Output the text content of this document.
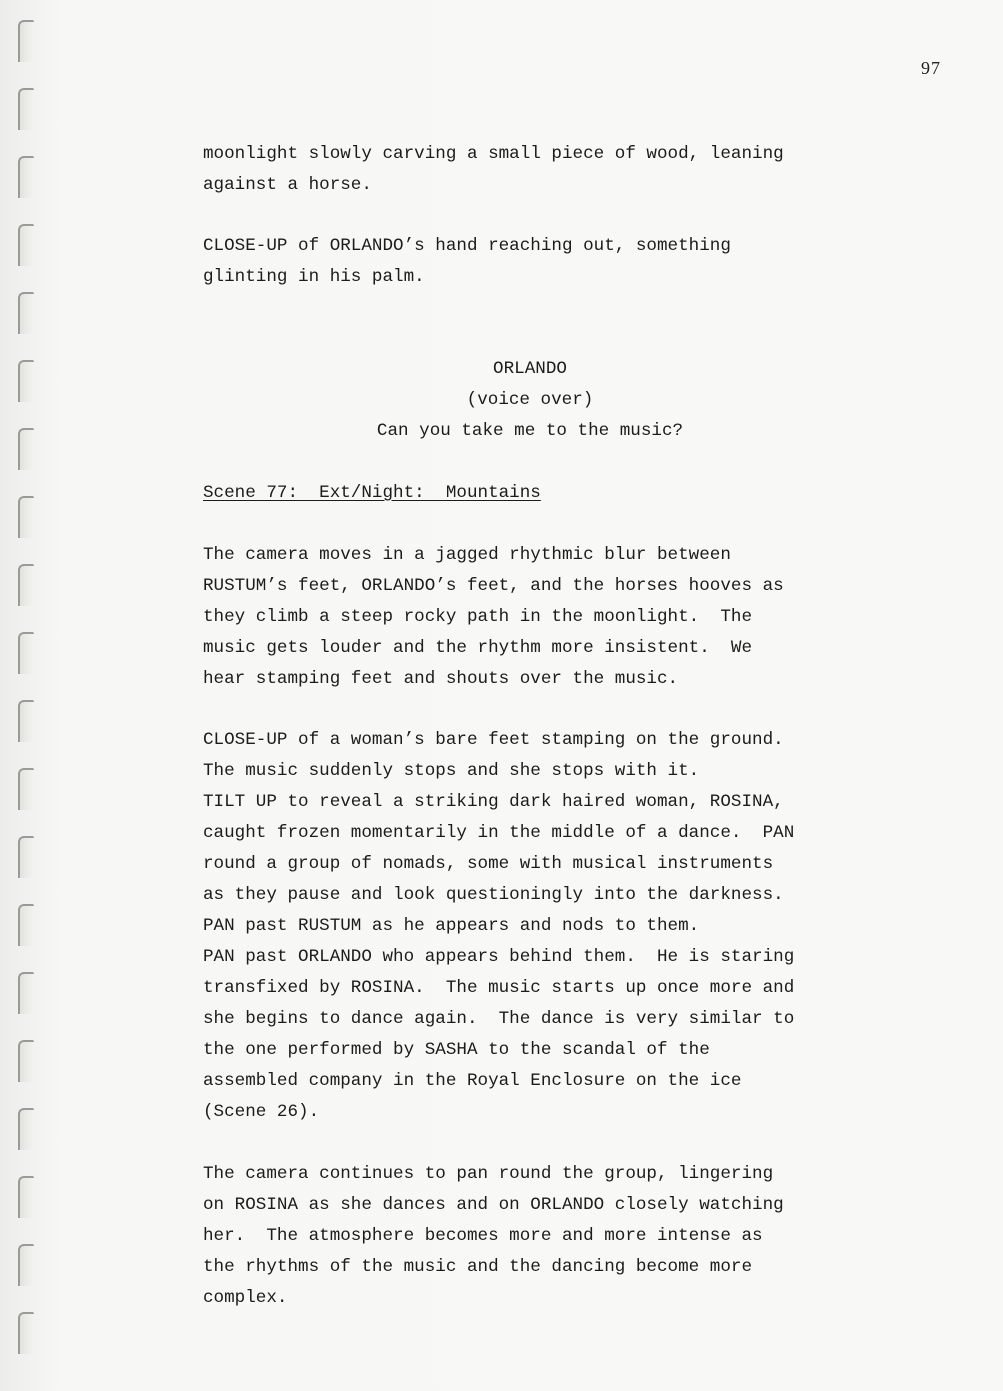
97

moonlight slowly carving a small piece of wood, leaning
against a horse.

CLOSE-UP of ORLANDO’s hand reaching out, something
glinting in his palm.

ORLANDO

(voice over)

Can you take me to the music?

Scene 77:  Ext/Night:  Mountains

The camera moves in a jagged rhythmic blur between
RUSTUM’s feet, ORLANDO’s feet, and the horses hooves as
they climb a steep rocky path in the moonlight.  The
music gets louder and the rhythm more insistent.  We
hear stamping feet and shouts over the music.

CLOSE-UP of a woman’s bare feet stamping on the ground.
The music suddenly stops and she stops with it.
TILT UP to reveal a striking dark haired woman, ROSINA,
caught frozen momentarily in the middle of a dance.  PAN
round a group of nomads, some with musical instruments
as they pause and look questioningly into the darkness.
PAN past RUSTUM as he appears and nods to them.
PAN past ORLANDO who appears behind them.  He is staring
transfixed by ROSINA.  The music starts up once more and
she begins to dance again.  The dance is very similar to
the one performed by SASHA to the scandal of the
assembled company in the Royal Enclosure on the ice
(Scene 26).

The camera continues to pan round the group, lingering
on ROSINA as she dances and on ORLANDO closely watching
her.  The atmosphere becomes more and more intense as
the rhythms of the music and the dancing become more
complex.
